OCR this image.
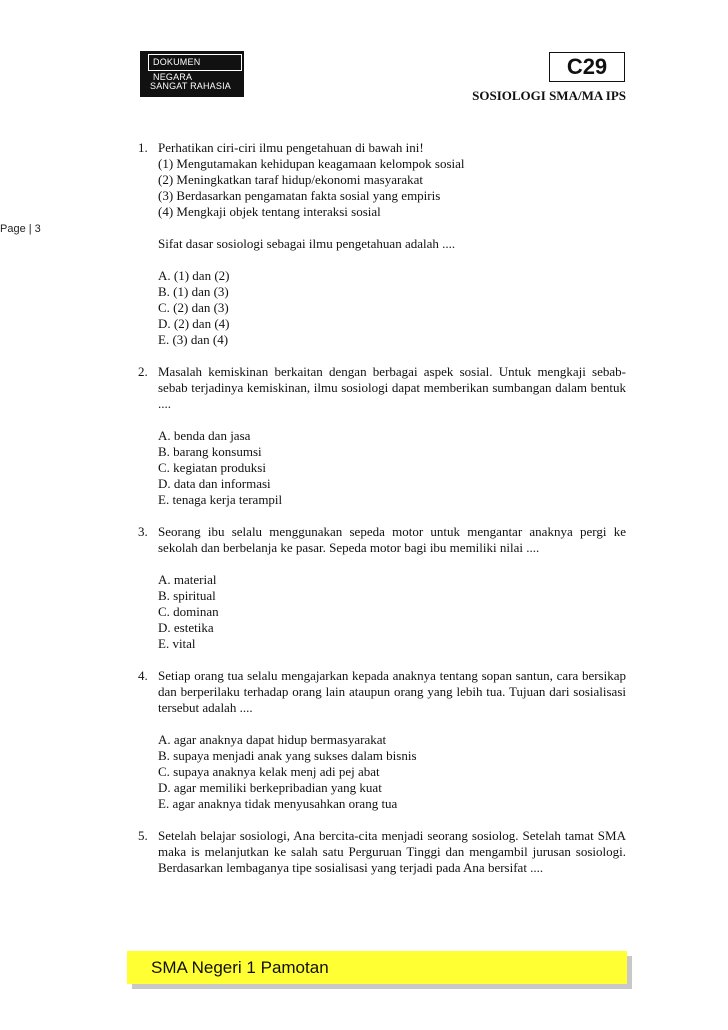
DOKUMEN NEGARA
SANGAT RAHASIA
C29
SOSIOLOGI SMA/MA IPS
Page | 3
1. Perhatikan ciri-ciri ilmu pengetahuan di bawah ini!
(1) Mengutamakan kehidupan keagamaan kelompok sosial
(2) Meningkatkan taraf hidup/ekonomi masyarakat
(3) Berdasarkan pengamatan fakta sosial yang empiris
(4) Mengkaji objek tentang interaksi sosial
Sifat dasar sosiologi sebagai ilmu pengetahuan adalah ....
A. (1) dan (2)
B. (1) dan (3)
C. (2) dan (3)
D. (2) dan (4)
E. (3) dan (4)
2. Masalah kemiskinan berkaitan dengan berbagai aspek sosial. Untuk mengkaji sebab-sebab terjadinya kemiskinan, ilmu sosiologi dapat memberikan sumbangan dalam bentuk ....
A. benda dan jasa
B. barang konsumsi
C. kegiatan produksi
D. data dan informasi
E. tenaga kerja terampil
3. Seorang ibu selalu menggunakan sepeda motor untuk mengantar anaknya pergi ke sekolah dan berbelanja ke pasar. Sepeda motor bagi ibu memiliki nilai ....
A. material
B. spiritual
C. dominan
D. estetika
E. vital
4. Setiap orang tua selalu mengajarkan kepada anaknya tentang sopan santun, cara bersikap dan berperilaku terhadap orang lain ataupun orang yang lebih tua. Tujuan dari sosialisasi tersebut adalah ....
A. agar anaknya dapat hidup bermasyarakat
B. supaya menjadi anak yang sukses dalam bisnis
C. supaya anaknya kelak menj adi pej abat
D. agar memiliki berkepribadian yang kuat
E. agar anaknya tidak menyusahkan orang tua
5. Setelah belajar sosiologi, Ana bercita-cita menjadi seorang sosiolog. Setelah tamat SMA maka is melanjutkan ke salah satu Perguruan Tinggi dan mengambil jurusan sosiologi. Berdasarkan lembaganya tipe sosialisasi yang terjadi pada Ana bersifat ....
SMA Negeri 1 Pamotan
